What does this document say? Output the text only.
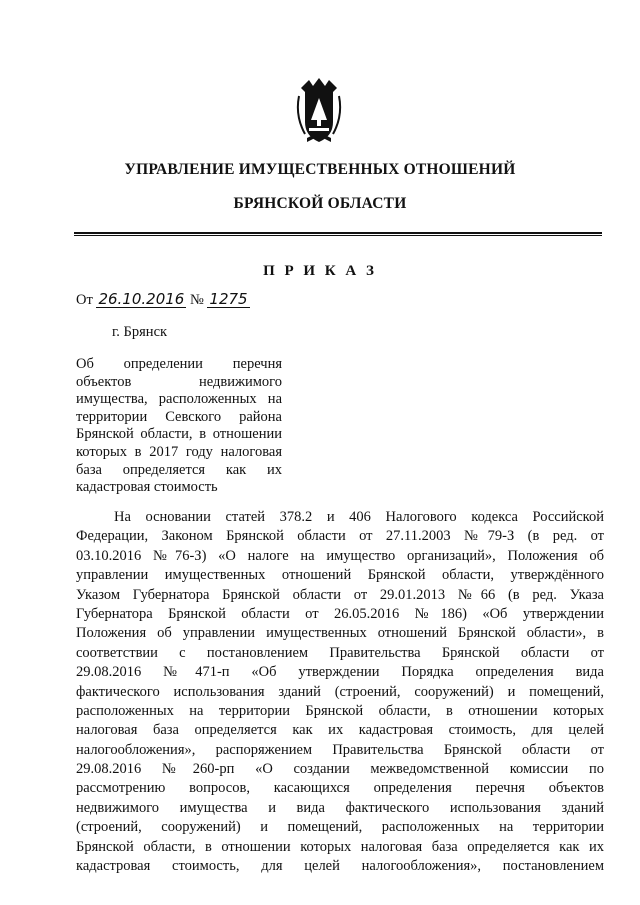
УПРАВЛЕНИЕ ИМУЩЕСТВЕННЫХ ОТНОШЕНИЙ
БРЯНСКОЙ ОБЛАСТИ
П Р И К А З
От 26.10.2016 № 1275
г. Брянск
Об определении перечня
объектов недвижимого
имущества, расположенных на
территории Севского района
Брянской области, в отношении
которых в 2017 году налоговая
база определяется как их
кадастровая стоимость
На основании статей 378.2 и 406 Налогового кодекса Российской
Федерации, Законом Брянской области от 27.11.2003 №79-З (в ред. от
03.10.2016 №76-З) «О налоге на имущество организаций», Положения об
управлении имущественных отношений Брянской области, утверждённого
Указом Губернатора Брянской области от 29.01.2013 №66 (в ред. Указа
Губернатора Брянской области от 26.05.2016 №186) «Об утверждении
Положения об управлении имущественных отношений Брянской области», в
соответствии с постановлением Правительства Брянской области от
29.08.2016 №471-п «Об утверждении Порядка определения вида
фактического использования зданий (строений, сооружений) и помещений,
расположенных на территории Брянской области, в отношении которых
налоговая база определяется как их кадастровая стоимость, для целей
налогообложения», распоряжением Правительства Брянской области от
29.08.2016 №260-рп «О создании межведомственной комиссии по
рассмотрению вопросов, касающихся определения перечня объектов
недвижимого имущества и вида фактического использования зданий
(строений, сооружений) и помещений, расположенных на территории
Брянской области, в отношении которых налоговая база определяется как их
кадастровая стоимость, для целей налогообложения», постановлением
